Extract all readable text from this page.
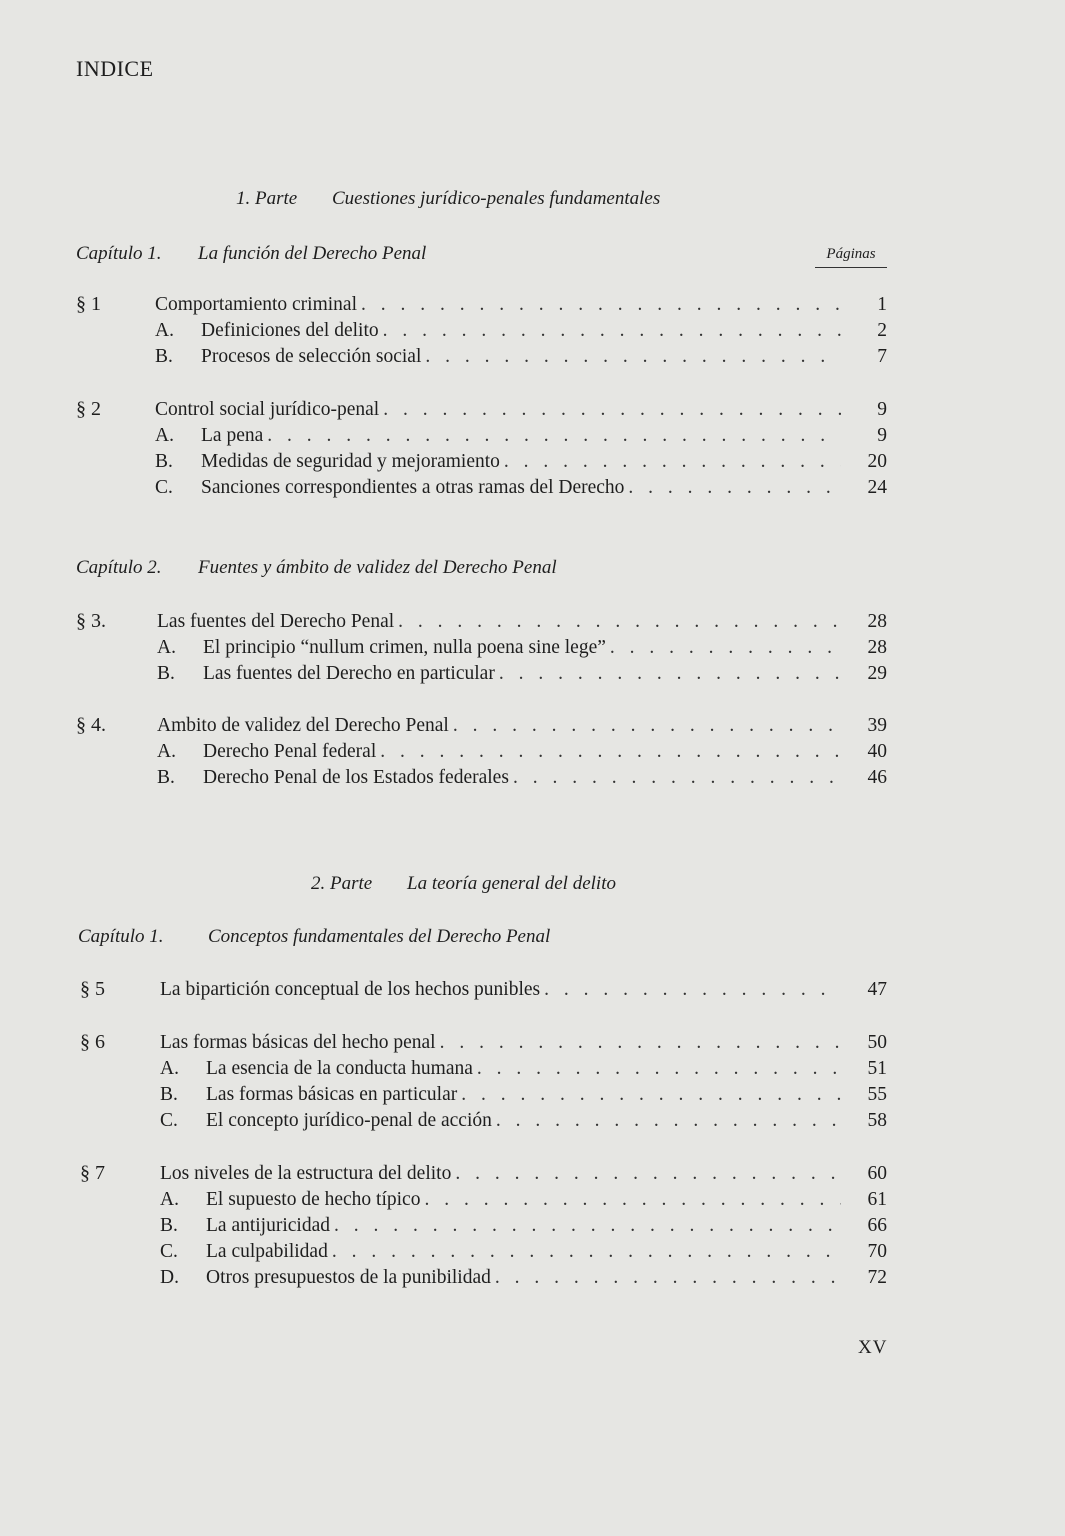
INDICE
1. Parte Cuestiones jurídico-penales fundamentales
Capítulo 1. La función del Derecho Penal	Páginas
§ 1	Comportamiento criminal . . .	1
A.	Definiciones del delito . . .	2
B.	Procesos de selección social . . .	7
§ 2	Control social jurídico-penal . . .	9
A.	La pena . . .	9
B.	Medidas de seguridad y mejoramiento . . .	20
C.	Sanciones correspondientes a otras ramas del Derecho . . .	24
Capítulo 2. Fuentes y ámbito de validez del Derecho Penal
§ 3.	Las fuentes del Derecho Penal . . .	28
A.	El principio “nullum crimen, nulla poena sine lege” . . .	28
B.	Las fuentes del Derecho en particular . . .	29
§ 4.	Ambito de validez del Derecho Penal . . .	39
A.	Derecho Penal federal . . .	40
B.	Derecho Penal de los Estados federales . . .	46
2. Parte La teoría general del delito
Capítulo 1. Conceptos fundamentales del Derecho Penal
§ 5	La bipartición conceptual de los hechos punibles . . .	47
§ 6	Las formas básicas del hecho penal . . .	50
A.	La esencia de la conducta humana . . .	51
B.	Las formas básicas en particular . . .	55
C.	El concepto jurídico-penal de acción . . .	58
§ 7	Los niveles de la estructura del delito . . .	60
A.	El supuesto de hecho típico . . .	61
B.	La antijuricidad . . .	66
C.	La culpabilidad . . .	70
D.	Otros presupuestos de la punibilidad . . .	72
XV
